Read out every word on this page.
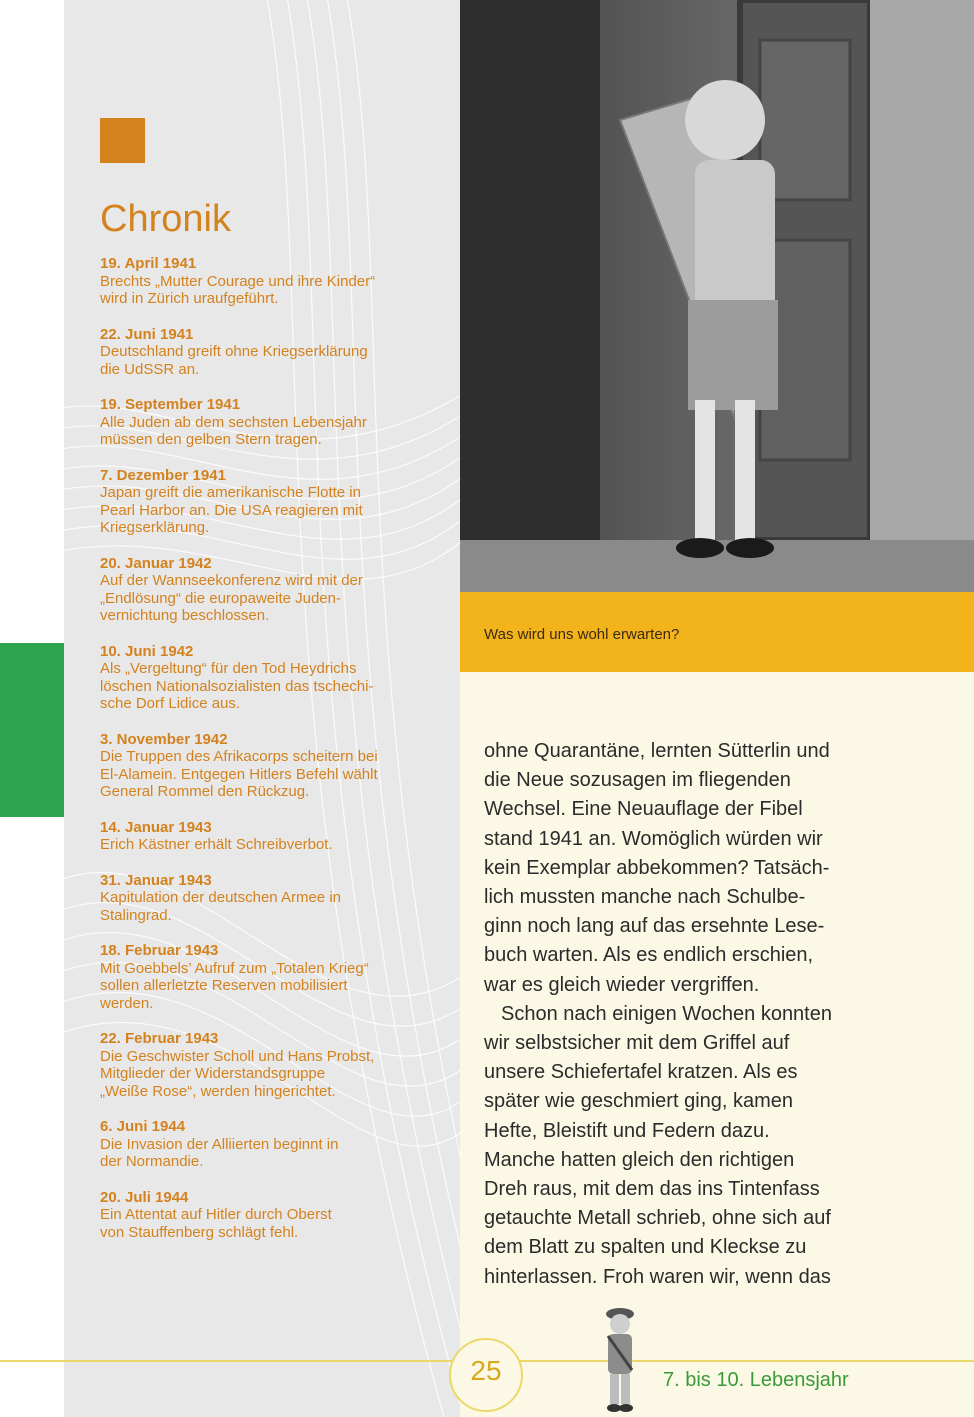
Chronik
19. April 1941
Brechts „Mutter Courage und ihre Kinder“
wird in Zürich uraufgeführt.
22. Juni 1941
Deutschland greift ohne Kriegserklärung
die UdSSR an.
19. September 1941
Alle Juden ab dem sechsten Lebensjahr
müssen den gelben Stern tragen.
7. Dezember 1941
Japan greift die amerikanische Flotte in
Pearl Harbor an. Die USA reagieren mit
Kriegserklärung.
20. Januar 1942
Auf der Wannseekonferenz wird mit der
„Endlösung“ die europaweite Juden-
vernichtung beschlossen.
10. Juni 1942
Als „Vergeltung“ für den Tod Heydrichs
löschen Nationalsozialisten das tschechi-
sche Dorf Lidice aus.
3. November 1942
Die Truppen des Afrikacorps scheitern bei
El-Alamein. Entgegen Hitlers Befehl wählt
General Rommel den Rückzug.
14. Januar 1943
Erich Kästner erhält Schreibverbot.
31. Januar 1943
Kapitulation der deutschen Armee in
Stalingrad.
18. Februar 1943
Mit Goebbels’ Aufruf zum „Totalen Krieg“
sollen allerletzte Reserven mobilisiert
werden.
22. Februar 1943
Die Geschwister Scholl und Hans Probst,
Mitglieder der Widerstandsgruppe
„Weiße Rose“, werden hingerichtet.
6. Juni 1944
Die Invasion der Alliierten beginnt in
der Normandie.
20. Juli 1944
Ein Attentat auf Hitler durch Oberst
von Stauffenberg schlägt fehl.
Was wird uns wohl erwarten?

ohne Quarantäne, lernten Sütterlin und
die Neue sozusagen im fliegenden
Wechsel. Eine Neuauflage der Fibel
stand 1941 an. Womöglich würden wir
kein Exemplar abbekommen? Tatsäch-
lich mussten manche nach Schulbe-
ginn noch lang auf das ersehnte Lese-
buch warten. Als es endlich erschien,
war es gleich wieder vergriffen.

Schon nach einigen Wochen konnten
wir selbstsicher mit dem Griffel auf
unsere Schiefertafel kratzen. Als es
später wie geschmiert ging, kamen
Hefte, Bleistift und Federn dazu.
Manche hatten gleich den richtigen
Dreh raus, mit dem das ins Tintenfass
getauchte Metall schrieb, ohne sich auf
dem Blatt zu spalten und Kleckse zu
hinterlassen. Froh waren wir, wenn das

25	7. bis 10. Lebensjahr
